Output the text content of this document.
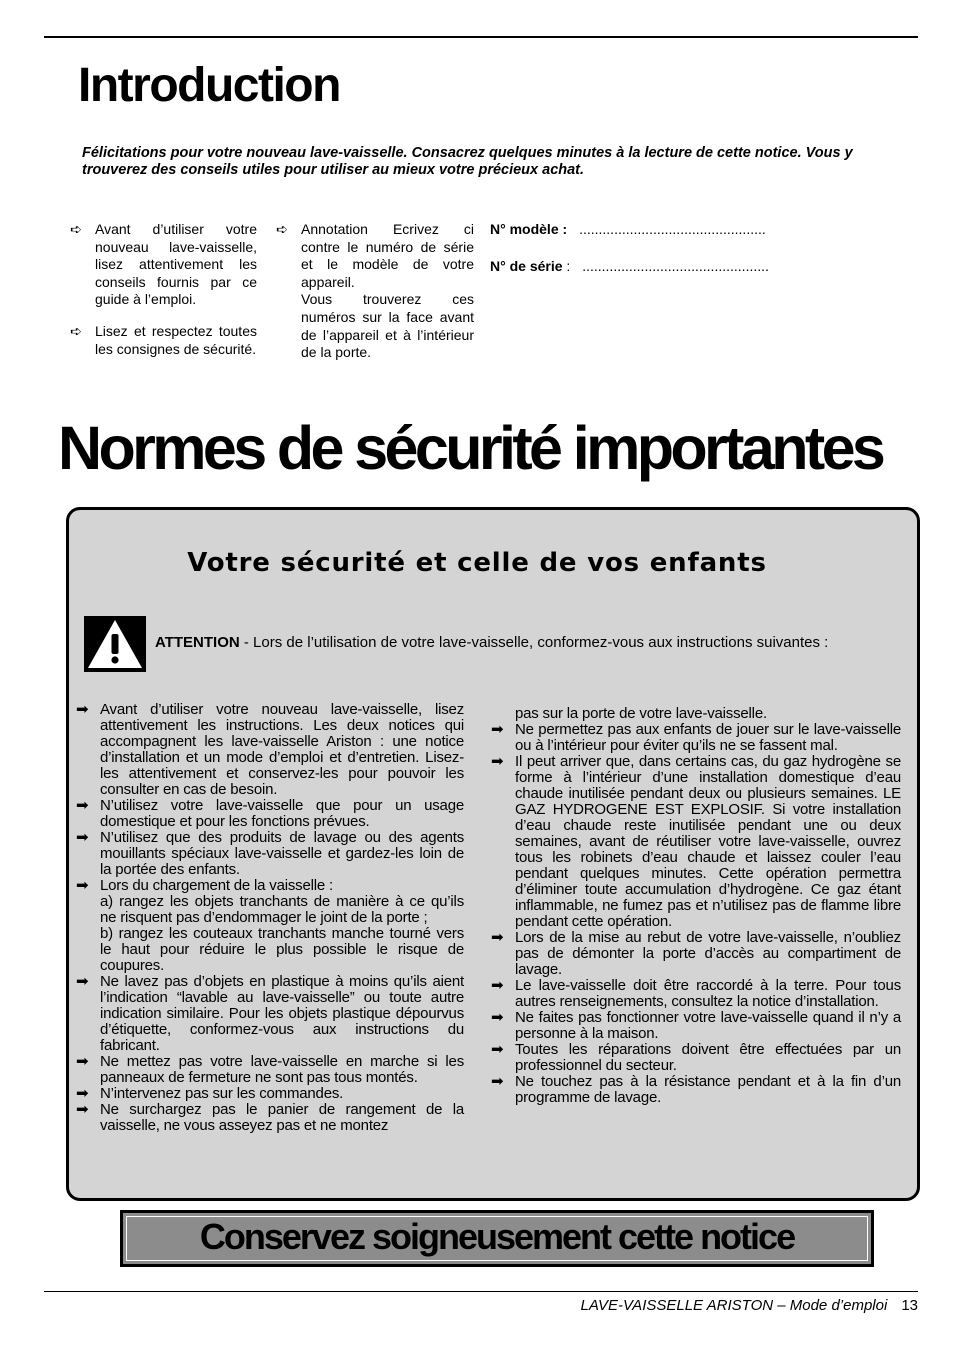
Introduction

Félicitations pour votre nouveau lave-vaisselle. Consacrez quelques minutes à la lecture de cette notice. Vous y trouverez des conseils utiles pour utiliser au mieux votre précieux achat.

➪ Avant d’utiliser votre nouveau lave-vaisselle, lisez attentivement les conseils fournis par ce guide à l’emploi.

➪ Lisez et respectez toutes les consignes de sécurité.

➪ Annotation Ecrivez ci contre le numéro de série et le modèle de votre appareil.

Vous trouverez ces numéros sur la face avant de l’appareil et à l’intérieur de la porte.

N° modèle : ................................................
N° de série : ................................................
Normes de sécurité importantes
Votre sécurité et celle de vos enfants

ATTENTION - Lors de l’utilisation de votre lave-vaisselle, conformez-vous aux instructions suivantes :

➡ Avant d’utiliser votre nouveau lave-vaisselle, lisez attentivement les instructions. Les deux notices qui accompagnent les lave-vaisselle Ariston : une notice d’installation et un mode d’emploi et d’entretien. Lisez-les attentivement et conservez-les pour pouvoir les consulter en cas de besoin.

➡ N’utilisez votre lave-vaisselle que pour un usage domestique et pour les fonctions prévues.

➡ N’utilisez que des produits de lavage ou des agents mouillants spéciaux lave-vaisselle et gardez-les loin de la portée des enfants.

➡ Lors du chargement de la vaisselle :

a) rangez les objets tranchants de manière à ce qu’ils ne risquent pas d’endommager le joint de la porte ;

b) rangez les couteaux tranchants manche tourné vers le haut pour réduire le plus possible le risque de coupures.

➡ Ne lavez pas d’objets en plastique à moins qu’ils aient l’indication “lavable au lave-vaisselle” ou toute autre indication similaire. Pour les objets plastique dépourvus d’étiquette, conformez-vous aux instructions du fabricant.

➡ Ne mettez pas votre lave-vaisselle en marche si les panneaux de fermeture ne sont pas tous montés.

➡ N’intervenez pas sur les commandes.

➡ Ne surchargez pas le panier de rangement de la vaisselle, ne vous asseyez pas et ne montez

pas sur la porte de votre lave-vaisselle.

➡ Ne permettez pas aux enfants de jouer sur le lave-vaisselle ou à l’intérieur pour éviter qu’ils ne se fassent mal.

➡ Il peut arriver que, dans certains cas, du gaz hydrogène se forme à l’intérieur d’une installation domestique d’eau chaude inutilisée pendant deux ou plusieurs semaines. LE GAZ HYDROGENE EST EXPLOSIF. Si votre installation d’eau chaude reste inutilisée pendant une ou deux semaines, avant de réutiliser votre lave-vaisselle, ouvrez tous les robinets d’eau chaude et laissez couler l’eau pendant quelques minutes. Cette opération permettra d’éliminer toute accumulation d’hydrogène. Ce gaz étant inflammable, ne fumez pas et n’utilisez pas de flamme libre pendant cette opération.

➡ Lors de la mise au rebut de votre lave-vaisselle, n’oubliez pas de démonter la porte d’accès au compartiment de lavage.

➡ Le lave-vaisselle doit être raccordé à la terre. Pour tous autres renseignements, consultez la notice d’installation.

➡ Ne faites pas fonctionner votre lave-vaisselle quand il n’y a personne à la maison.

➡ Toutes les réparations doivent être effectuées par un professionnel du secteur.

➡ Ne touchez pas à la résistance pendant et à la fin d’un programme de lavage.

Conservez soigneusement cette notice

LAVE-VAISSELLE ARISTON – Mode d’emploi 13
